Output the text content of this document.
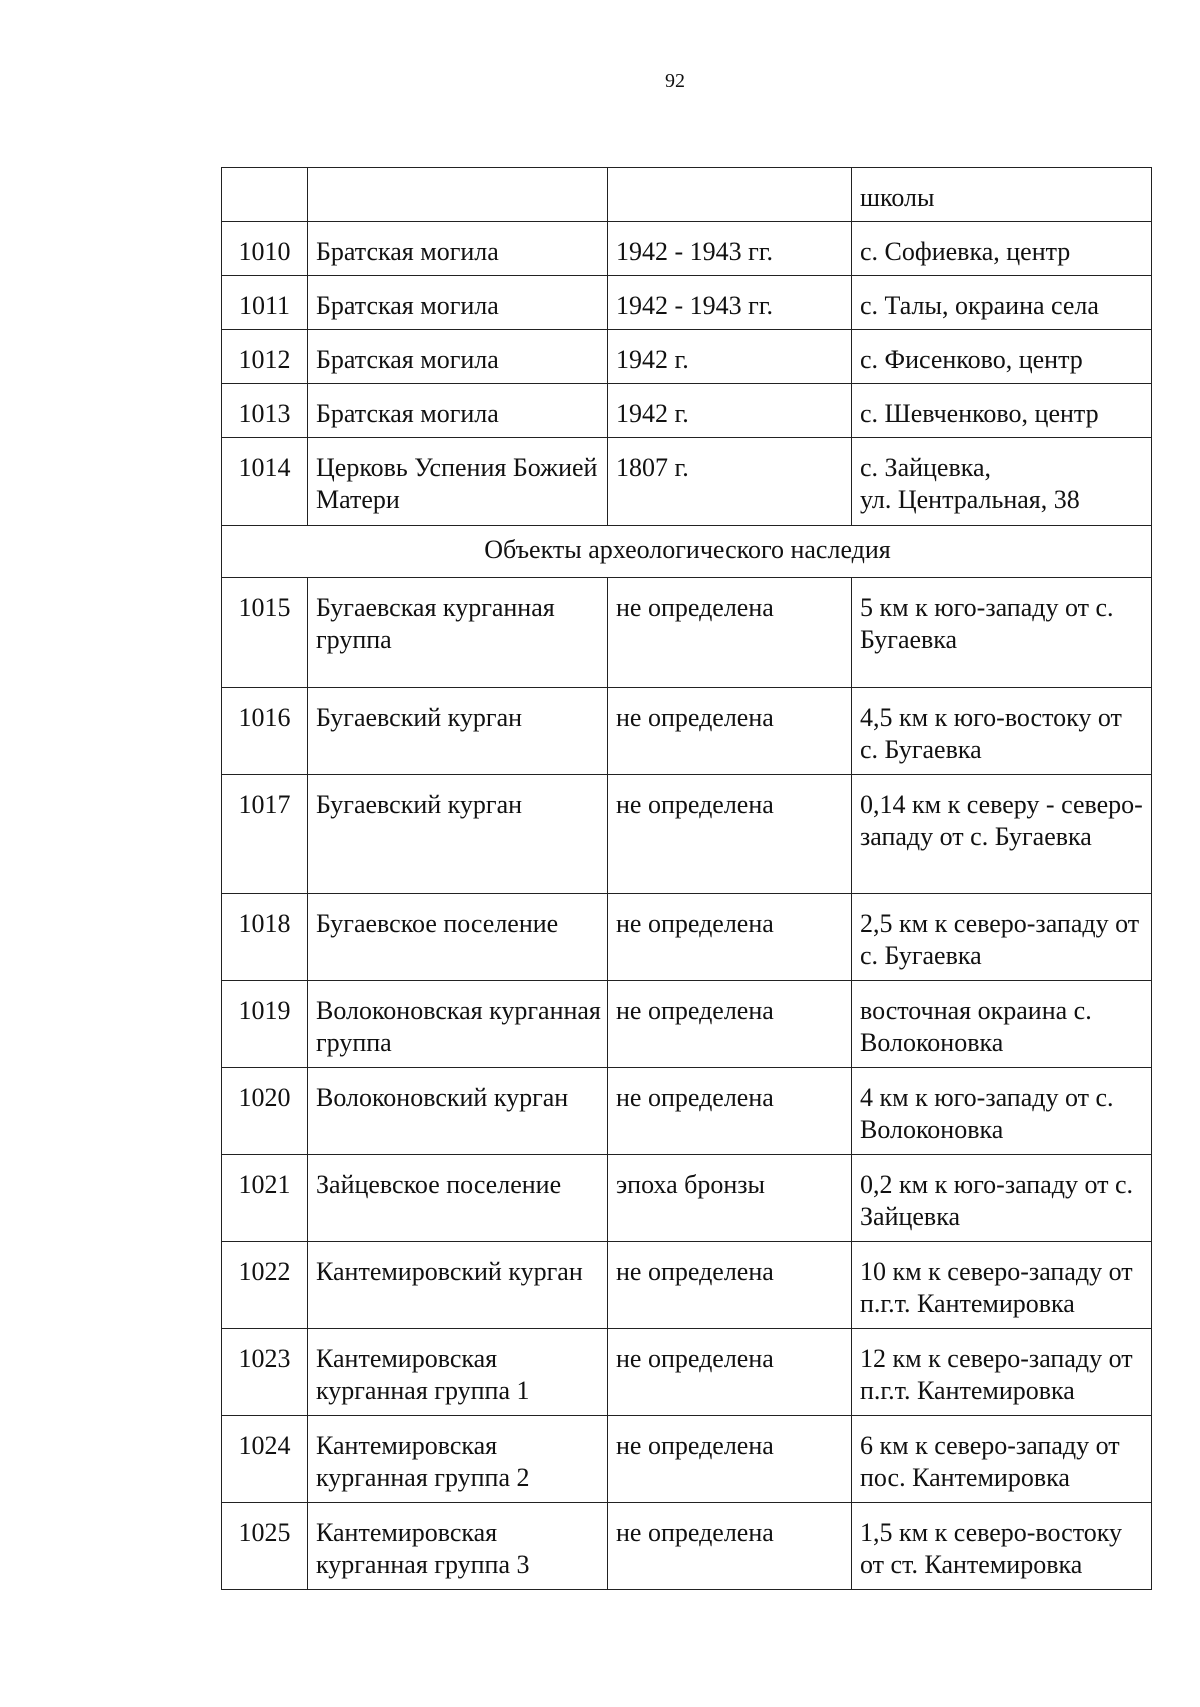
92
			школы
1010	Братская могила	1942 - 1943 гг.	с. Софиевка, центр
1011	Братская могила	1942 - 1943 гг.	с. Талы, окраина села
1012	Братская могила	1942 г.	с. Фисенково, центр
1013	Братская могила	1942 г.	с. Шевченково, центр
1014	Церковь Успения Божией Матери	1807 г.	с. Зайцевка,
ул. Центральная, 38
Объекты археологического наследия			
1015	Бугаевская курганная группа	не определена	5 км к юго-западу от с. Бугаевка
1016	Бугаевский курган	не определена	4,5 км к юго-востоку от с. Бугаевка
1017	Бугаевский курган	не определена	0,14 км к северу - северо-западу от с. Бугаевка
1018	Бугаевское поселение	не определена	2,5 км к северо-западу от с. Бугаевка
1019	Волоконовская курганная группа	не определена	восточная окраина с. Волоконовка
1020	Волоконовский курган	не определена	4 км к юго-западу от с. Волоконовка
1021	Зайцевское поселение	эпоха бронзы	0,2 км к юго-западу от с. Зайцевка
1022	Кантемировский курган	не определена	10 км к северо-западу от п.г.т. Кантемировка
1023	Кантемировская курганная группа 1	не определена	12 км к северо-западу от п.г.т. Кантемировка
1024	Кантемировская курганная группа 2	не определена	6 км к северо-западу от пос. Кантемировка
1025	Кантемировская курганная группа 3	не определена	1,5 км к северо-востоку от ст. Кантемировка
